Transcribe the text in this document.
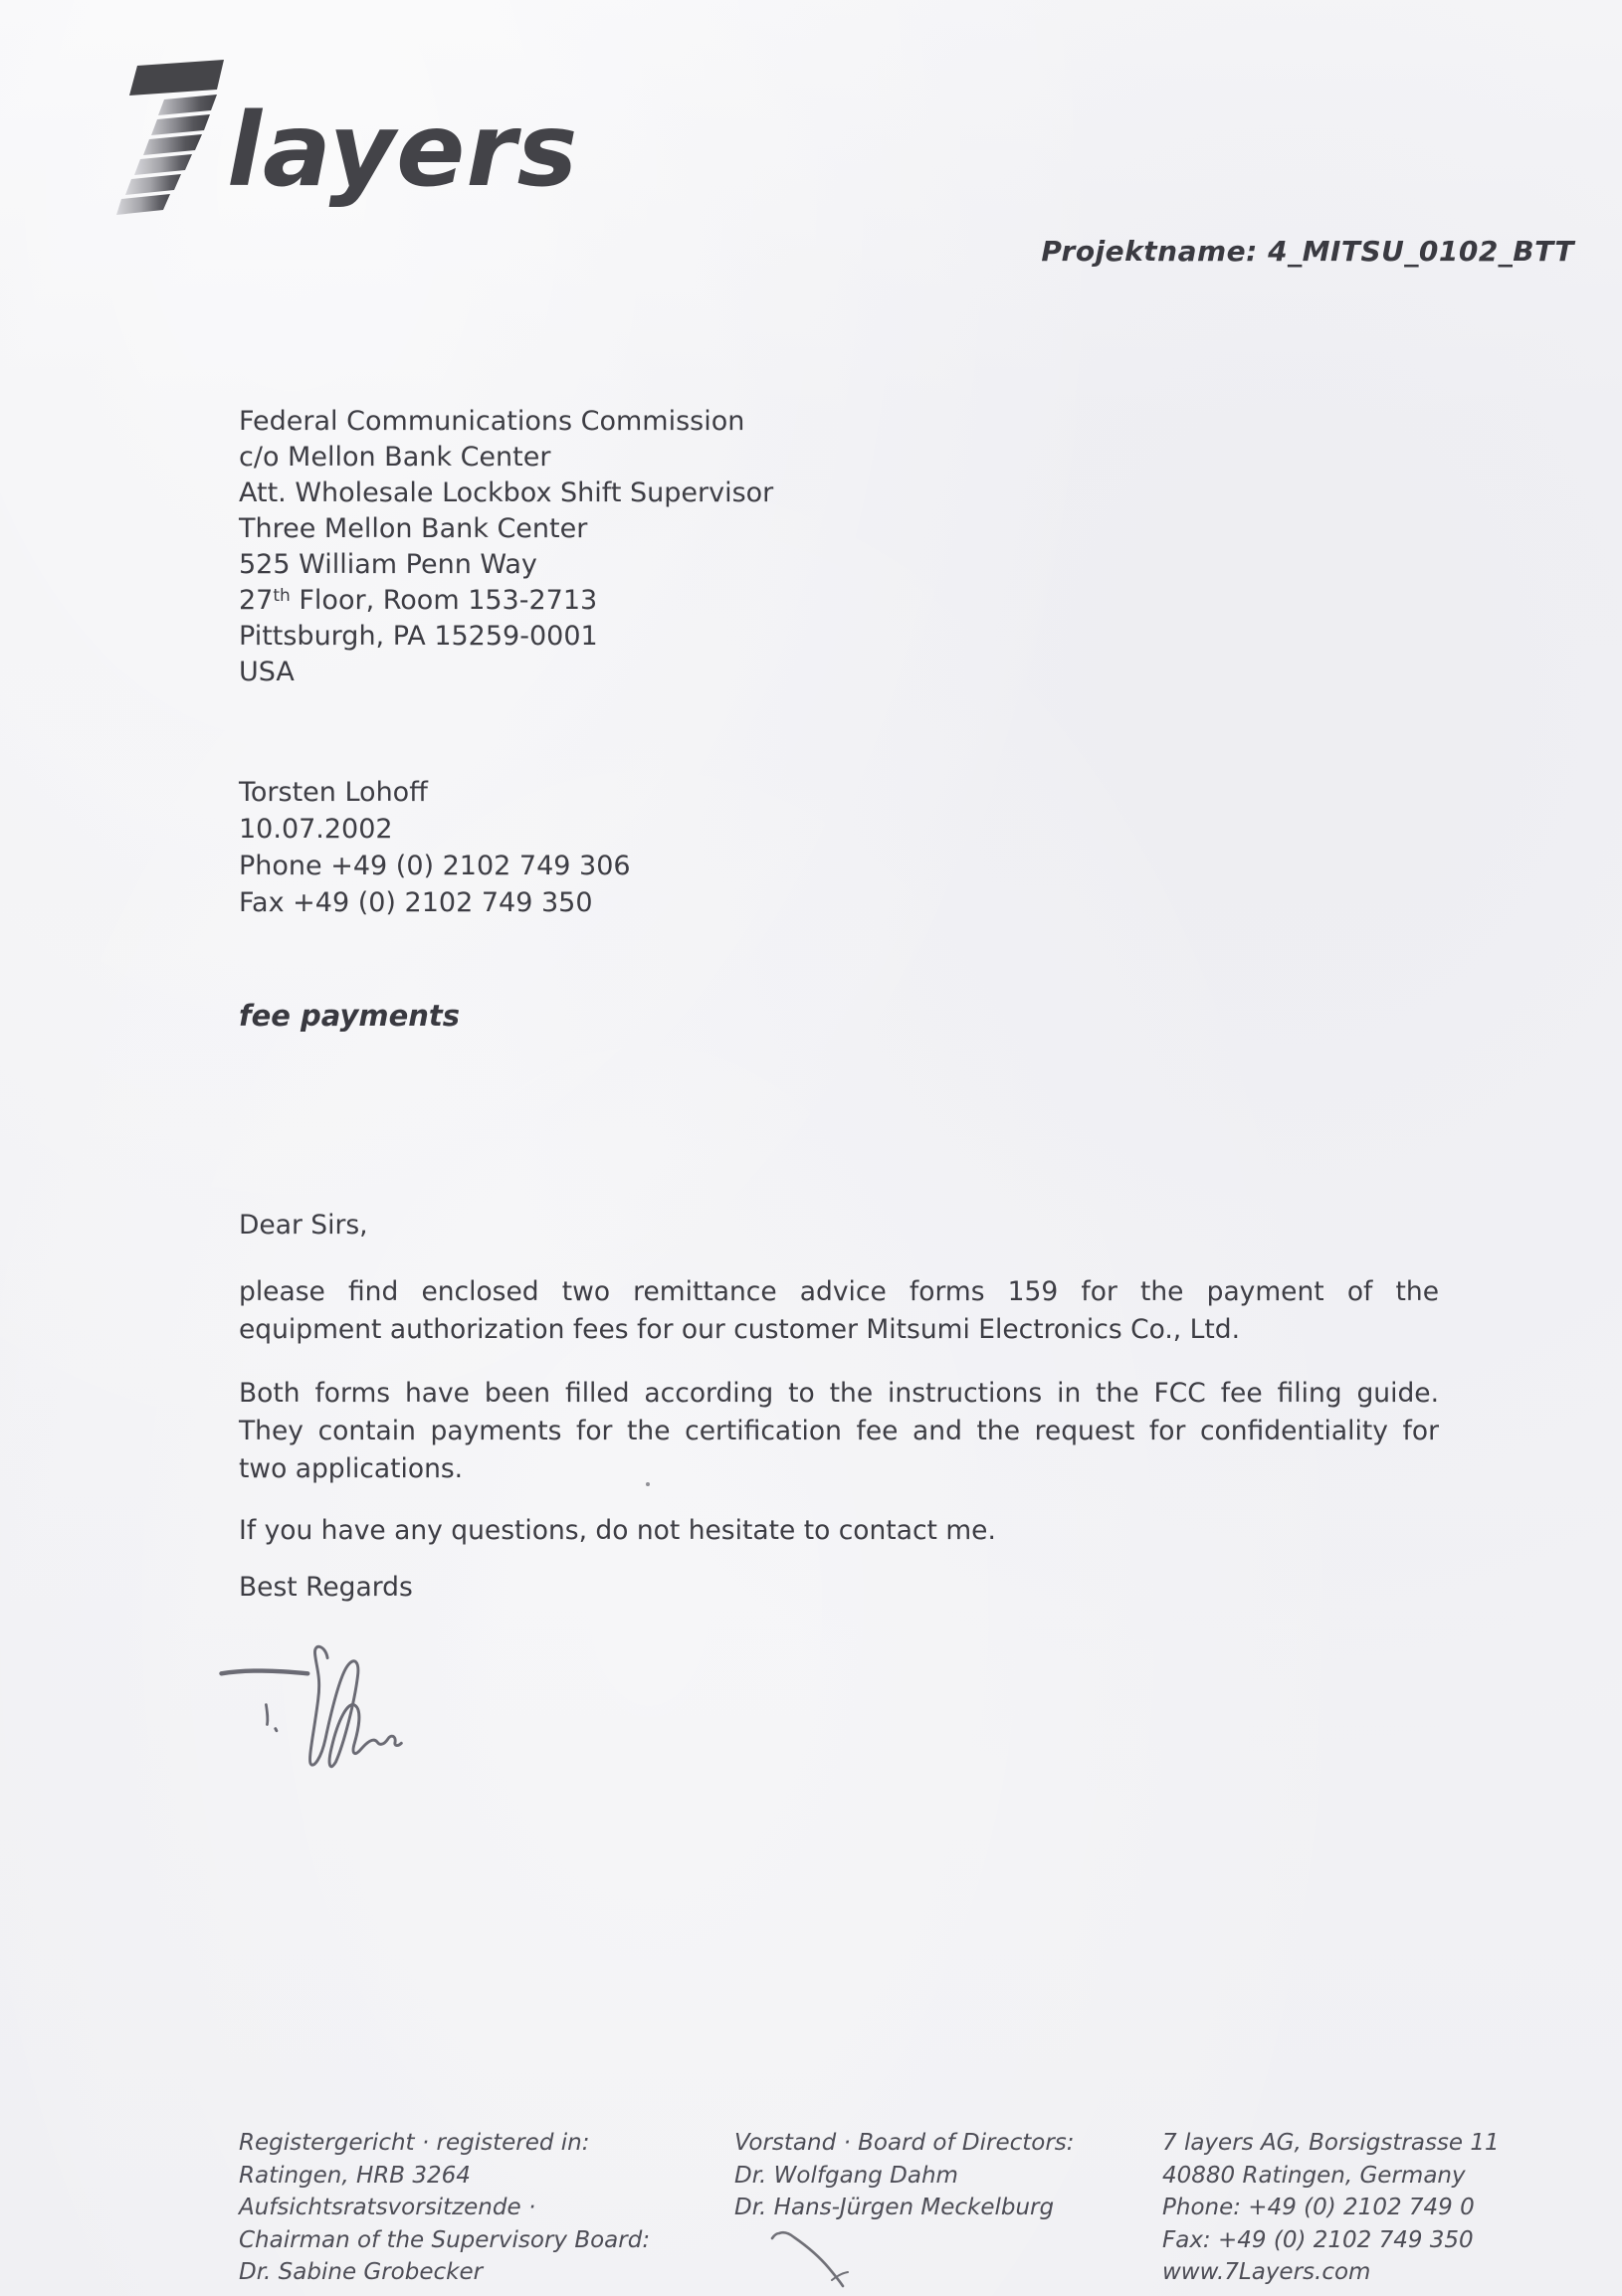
layers
Projektname: 4_MITSU_0102_BTT
Federal Communications Commission
c/o Mellon Bank Center
Att. Wholesale Lockbox Shift Supervisor
Three Mellon Bank Center
525 William Penn Way
27th Floor, Room 153-2713
Pittsburgh, PA 15259-0001
USA
Torsten Lohoff
10.07.2002
Phone +49 (0) 2102 749 306
Fax +49 (0) 2102 749 350
fee payments
Dear Sirs,
please find enclosed two remittance advice forms 159 for the payment of the
equipment authorization fees for our customer Mitsumi Electronics Co., Ltd.
Both forms have been filled according to the instructions in the FCC fee filing guide.
They contain payments for the certification fee and the request for confidentiality for
two applications.
If you have any questions, do not hesitate to contact me.
Best Regards
Registergericht · registered in:
Ratingen, HRB 3264
Aufsichtsratsvorsitzende ·
Chairman of the Supervisory Board:
Dr. Sabine Grobecker
Vorstand · Board of Directors:
Dr. Wolfgang Dahm
Dr. Hans-Jürgen Meckelburg
7 layers AG, Borsigstrasse 11
40880 Ratingen, Germany
Phone: +49 (0) 2102 749 0
Fax: +49 (0) 2102 749 350
www.7Layers.com
